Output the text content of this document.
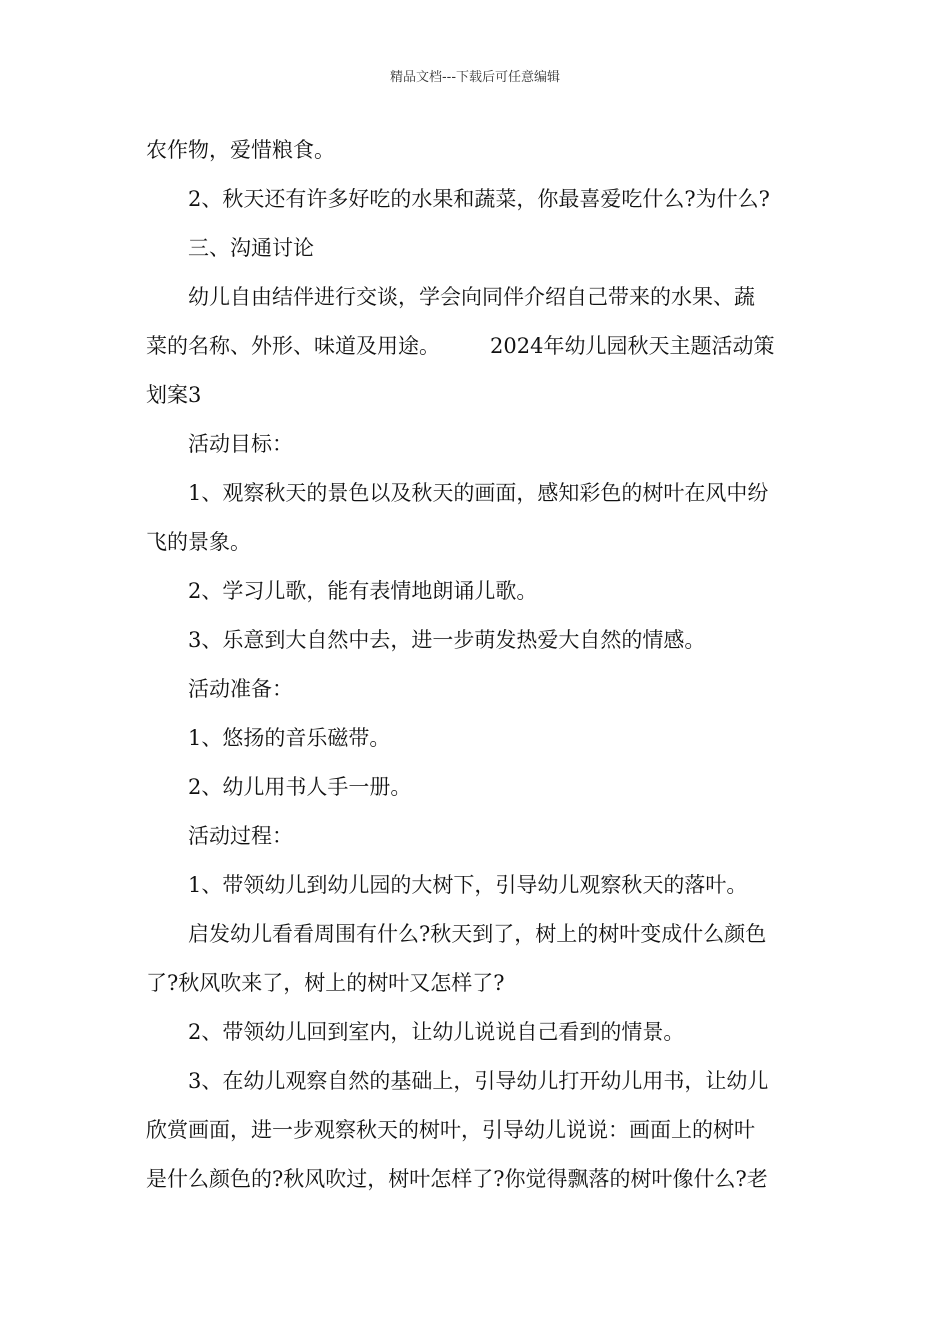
精品文档---下载后可任意编辑
农作物，爱惜粮食。
2、秋天还有许多好吃的水果和蔬菜，你最喜爱吃什么?为什么?
三、沟通讨论
幼儿自由结伴进行交谈，学会向同伴介绍自己带来的水果、蔬
菜的名称、外形、味道及用途。 2024年幼儿园秋天主题活动策
划案3
活动目标：
1、观察秋天的景色以及秋天的画面，感知彩色的树叶在风中纷
飞的景象。
2、学习儿歌，能有表情地朗诵儿歌。
3、乐意到大自然中去，进一步萌发热爱大自然的情感。
活动准备：
1、悠扬的音乐磁带。
2、幼儿用书人手一册。
活动过程：
1、带领幼儿到幼儿园的大树下，引导幼儿观察秋天的落叶。
启发幼儿看看周围有什么?秋天到了，树上的树叶变成什么颜色
了?秋风吹来了，树上的树叶又怎样了?
2、带领幼儿回到室内，让幼儿说说自己看到的情景。
3、在幼儿观察自然的基础上，引导幼儿打开幼儿用书，让幼儿
欣赏画面，进一步观察秋天的树叶，引导幼儿说说：画面上的树叶
是什么颜色的?秋风吹过，树叶怎样了?你觉得飘落的树叶像什么?老
